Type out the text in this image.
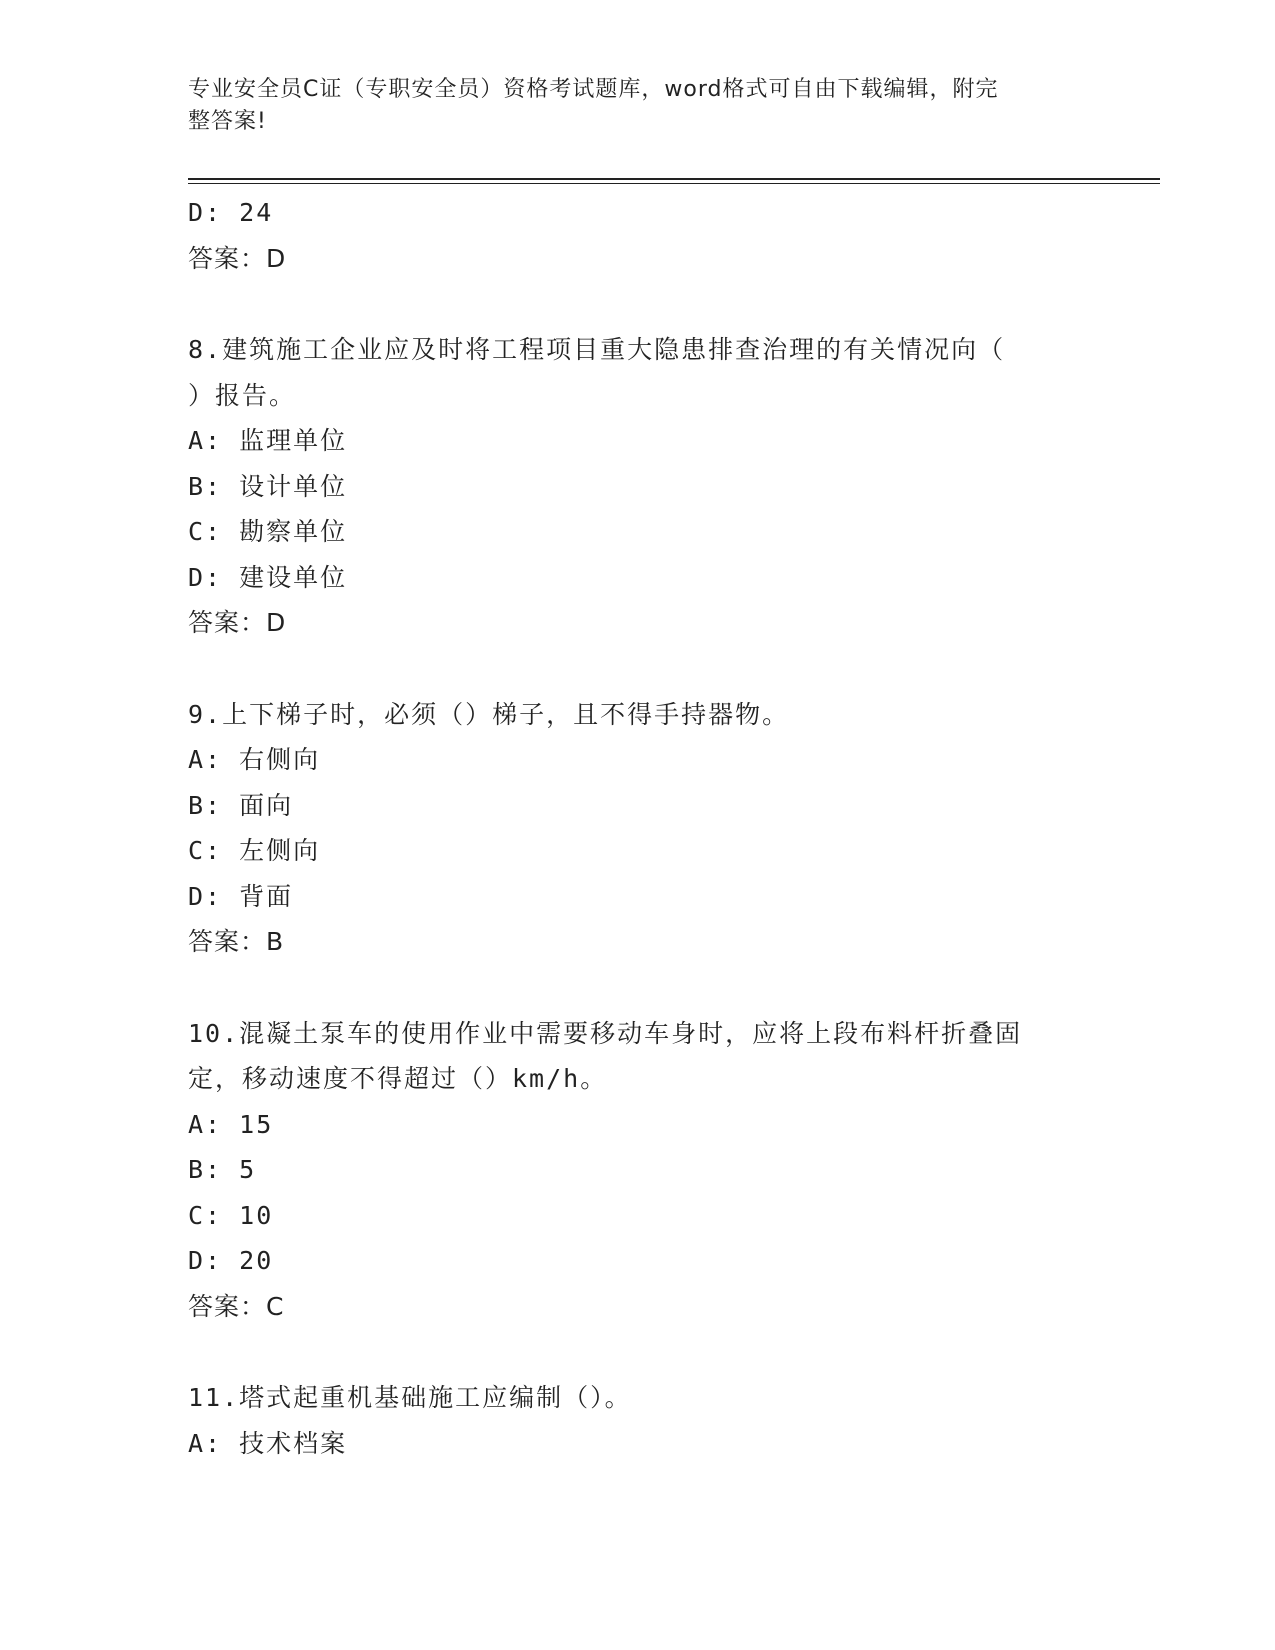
专业安全员C证（专职安全员）资格考试题库，word格式可自由下载编辑，附完
整答案!
D: 24
答案：D
8.建筑施工企业应及时将工程项目重大隐患排查治理的有关情况向（
）报告。
A: 监理单位
B: 设计单位
C: 勘察单位
D: 建设单位
答案：D
9.上下梯子时，必须（）梯子，且不得手持器物。
A: 右侧向
B: 面向
C: 左侧向
D: 背面
答案：B
10.混凝土泵车的使用作业中需要移动车身时，应将上段布料杆折叠固
定，移动速度不得超过（）km/h。
A: 15
B: 5
C: 10
D: 20
答案：C
11.塔式起重机基础施工应编制（）。
A: 技术档案
